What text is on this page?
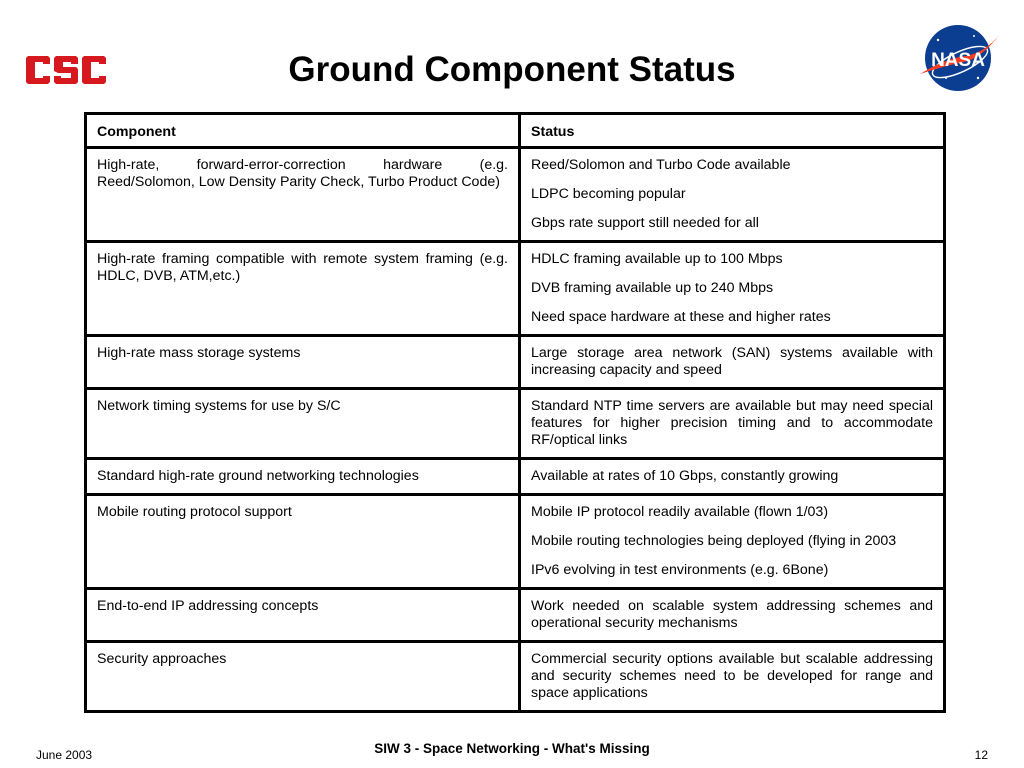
NASA
Ground Component Status
Component	Status

High-rate, forward-error-correction hardware (e.g. Reed/Solomon, Low Density Parity Check, Turbo Product Code)	Reed/Solomon and Turbo Code available

LDPC becoming popular

Gbps rate support still needed for all

High-rate framing compatible with remote system framing (e.g. HDLC, DVB, ATM,etc.)	HDLC framing available up to 100 Mbps

DVB framing available up to 240 Mbps

Need space hardware at these and higher rates

High-rate mass storage systems	Large storage area network (SAN) systems available with increasing capacity and speed

Network timing systems for use by S/C	Standard NTP time servers are available but may need special features for higher precision timing and to accommodate RF/optical links

Standard high-rate ground networking technologies	Available at rates of 10 Gbps, constantly growing

Mobile routing protocol support	Mobile IP protocol readily available (flown 1/03)

Mobile routing technologies being deployed (flying in 2003

IPv6 evolving in test environments (e.g. 6Bone)

End-to-end IP addressing concepts	Work needed on scalable system addressing schemes and operational security mechanisms

Security approaches	Commercial security options available but scalable addressing and security schemes need to be developed for range and space applications

June 2003	SIW 3 - Space Networking - What's Missing	12
